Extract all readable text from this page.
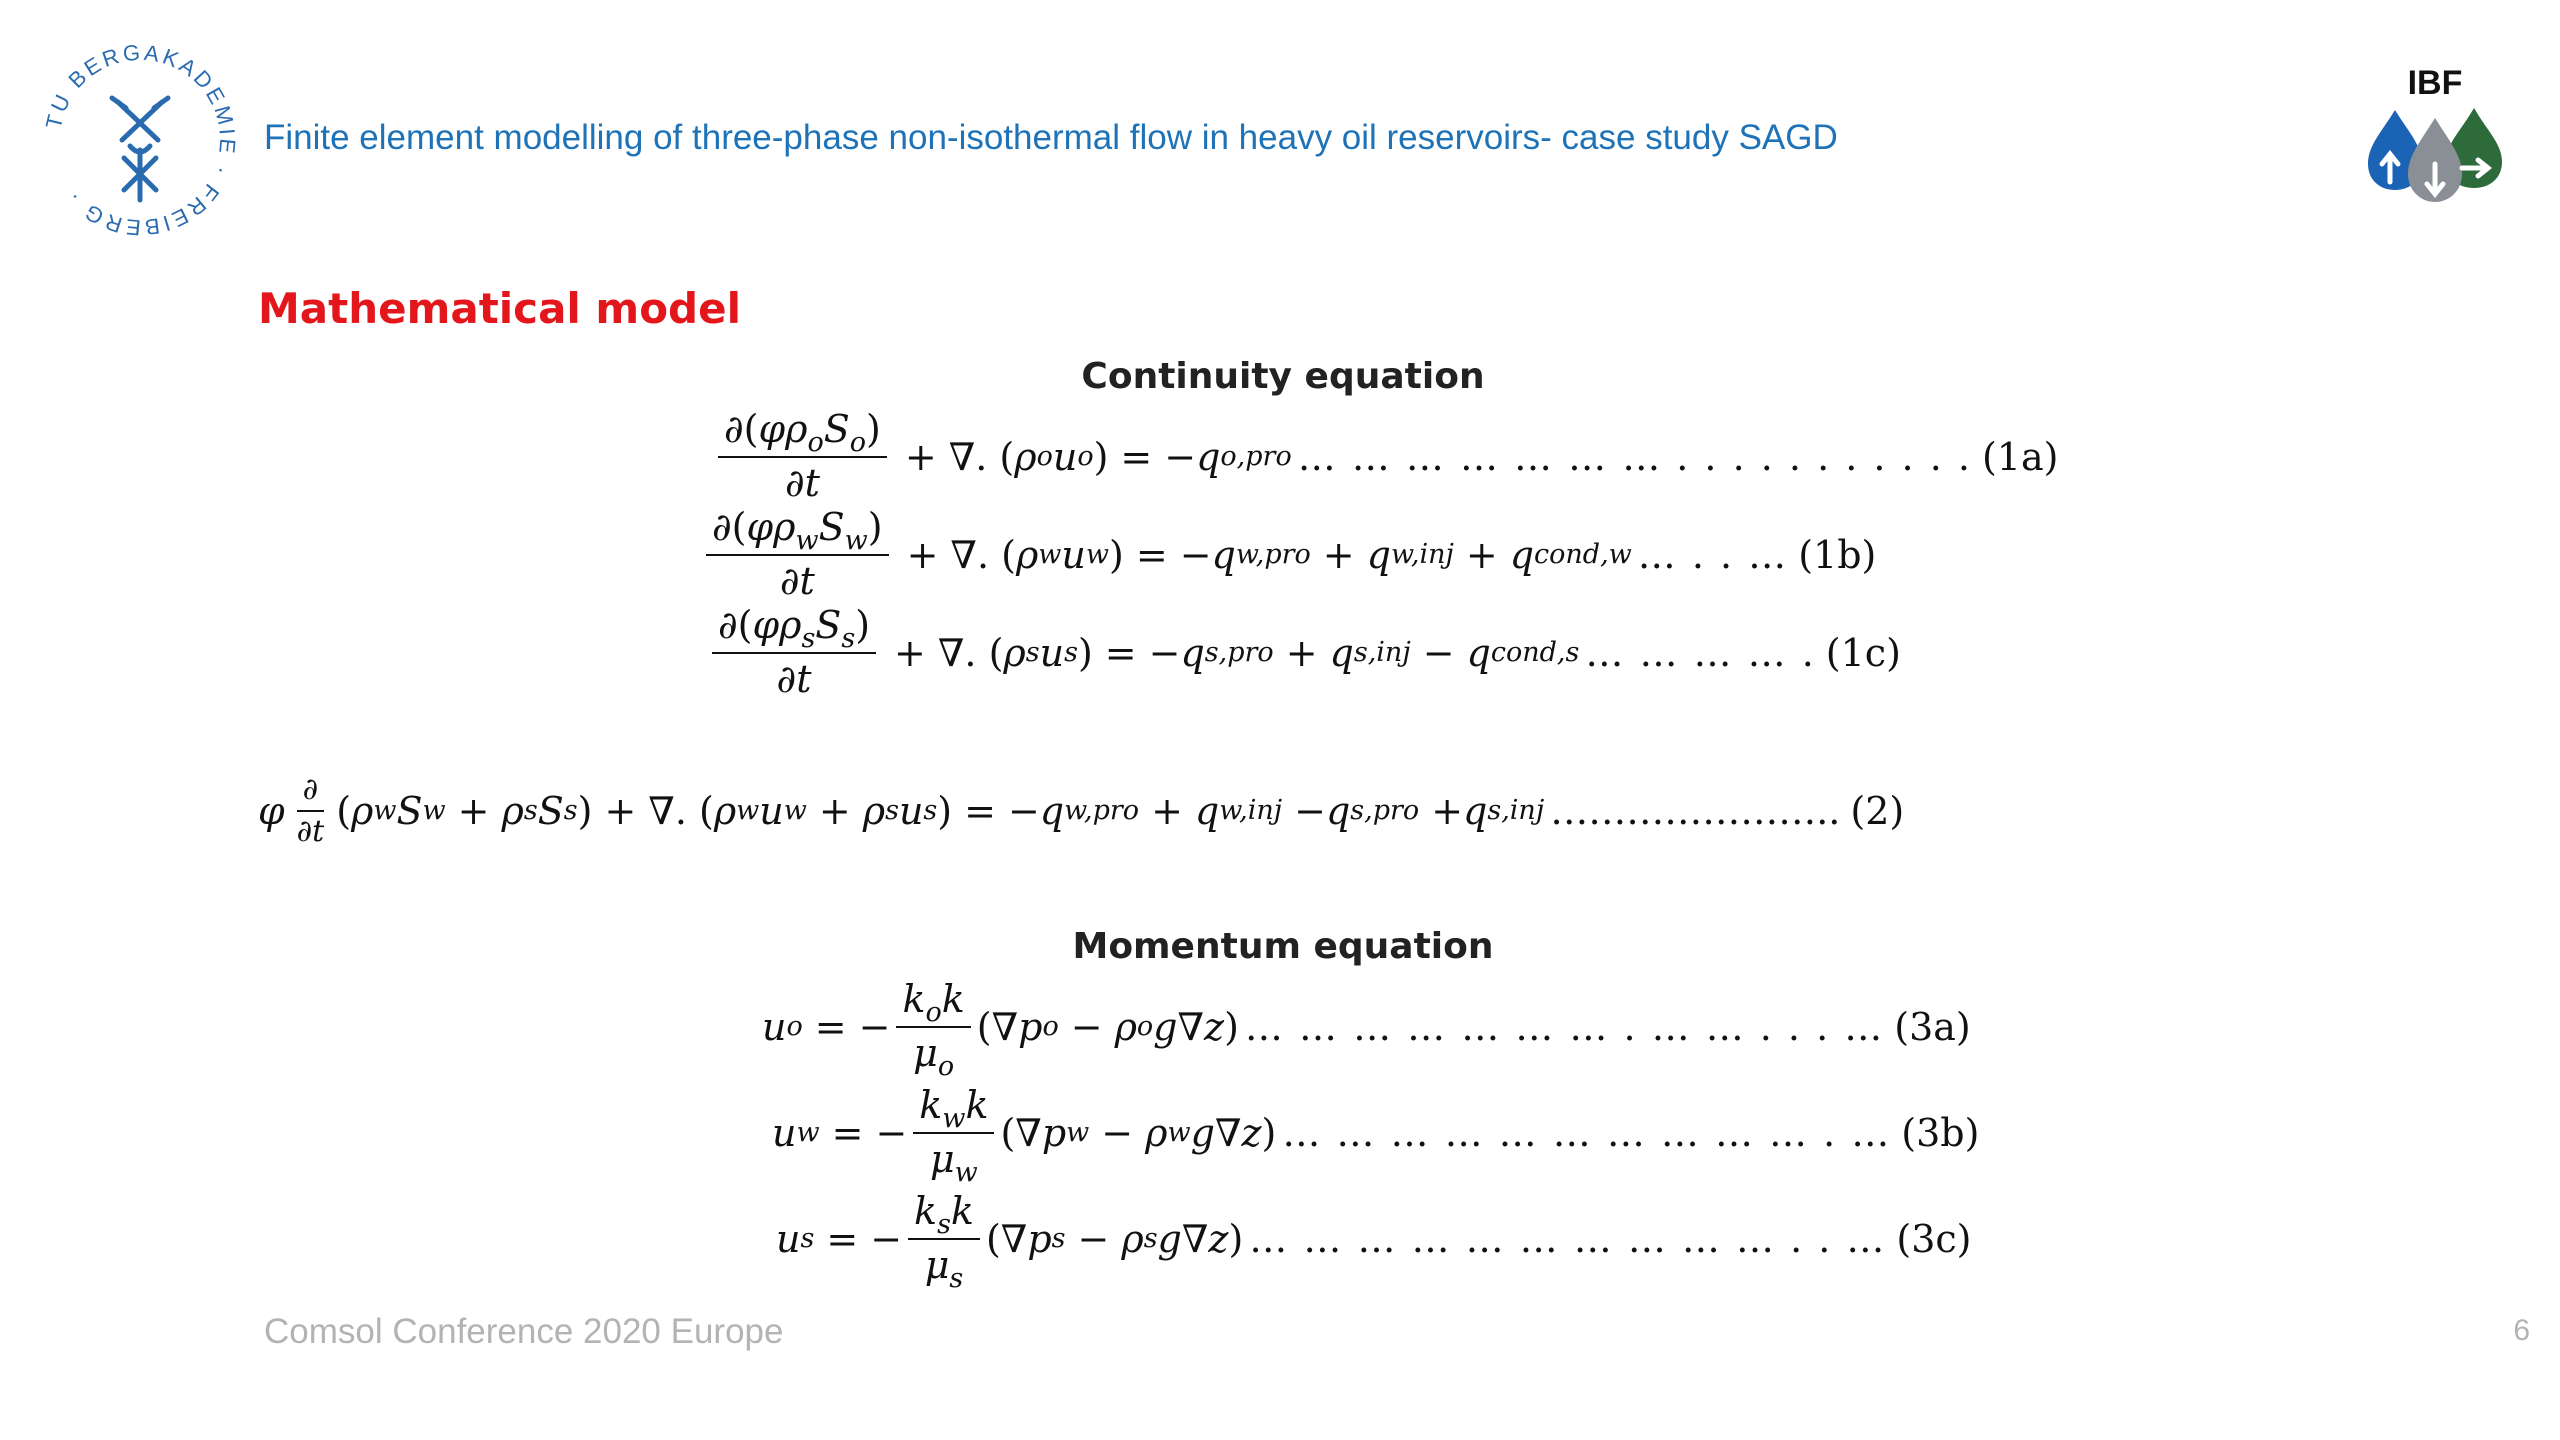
TU BERGAKADEMIE · FREIBERG ·
Finite element modelling of three-phase non-isothermal flow in heavy oil reservoirs- case study SAGD
IBF
Mathematical model
Continuity equation
$\frac{\partial(\varphi\rho_oS_o)}{\partial t}$ + ∇. ( ρ o u o ) = − q o,pro … … … … … … … . . . . . . . . . . . (1a)
$\frac{\partial(\varphi\rho_wS_w)}{\partial t}$ + ∇. ( ρ w u w ) = − q w,pro + q w,inj + q cond,w … . . … (1b)
$\frac{\partial(\varphi\rho_sS_s)}{\partial t}$ + ∇. ( ρ s u s ) = − q s,pro + q s,inj − q cond,s … … … … . (1c)
φ $\frac{\partial}{\partial t}$ ( ρ w S w + ρ s S s ) + ∇. ( ρ w u w + ρ s u s ) = − q w,pro + q w,inj − q s,pro + q s,inj ………………….. (2)
Momentum equation
u o = − $\frac{k_ok}{\mu_o}$ (∇ p o − ρ o g ∇ z ) … … … … … … … . … … . . . … (3a)
u w = − $\frac{k_wk}{\mu_w}$ (∇ p w − ρ w g ∇ z ) … … … … … … … … … … . … (3b)
u s = − $\frac{k_sk}{\mu_s}$ (∇ p s − ρ s g ∇ z ) … … … … … … … … … … . . … (3c)
Comsol Conference 2020 Europe	6
